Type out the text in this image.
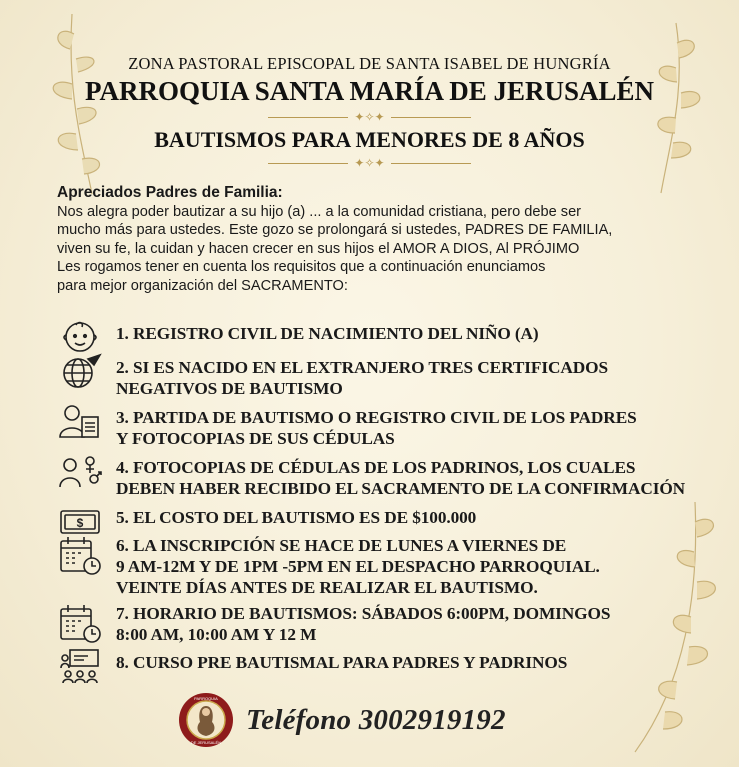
ZONA PASTORAL EPISCOPAL DE SANTA ISABEL DE HUNGRÍA
PARROQUIA SANTA MARÍA DE JERUSALÉN
✦✧✦
BAUTISMOS PARA MENORES DE 8 AÑOS
✦✧✦
Apreciados Padres de Familia:
Nos alegra poder bautizar a su hijo (a) ... a la comunidad cristiana, pero debe ser
mucho más para ustedes. Este gozo se prolongará si ustedes, PADRES DE FAMILIA,
viven su fe, la cuidan y hacen crecer en sus hijos el AMOR A DIOS, Al PRÓJIMO
Les rogamos tener en cuenta los requisitos que a continuación enunciamos
para mejor organización del SACRAMENTO:
1. REGISTRO CIVIL DE NACIMIENTO DEL NIÑO (A)
2. SI ES NACIDO EN EL EXTRANJERO TRES CERTIFICADOS
NEGATIVOS DE BAUTISMO
3. PARTIDA DE BAUTISMO O REGISTRO CIVIL DE LOS PADRES
Y FOTOCOPIAS DE SUS CÉDULAS
4. FOTOCOPIAS DE CÉDULAS DE LOS PADRINOS, LOS CUALES
DEBEN HABER RECIBIDO EL SACRAMENTO DE LA CONFIRMACIÓN
$	5. EL COSTO DEL BAUTISMO ES DE $100.000
6. LA INSCRIPCIÓN SE HACE DE LUNES A VIERNES DE
9 AM-12M Y DE 1PM -5PM EN EL DESPACHO PARROQUIAL.
VEINTE DÍAS ANTES DE REALIZAR EL BAUTISMO.
7. HORARIO DE BAUTISMOS: SÁBADOS 6:00PM, DOMINGOS
8:00 AM, 10:00 AM Y 12 M
8. CURSO PRE BAUTISMAL PARA PADRES Y PADRINOS
PARROQUIA
DE JERUSALÉN
Teléfono 3002919192
